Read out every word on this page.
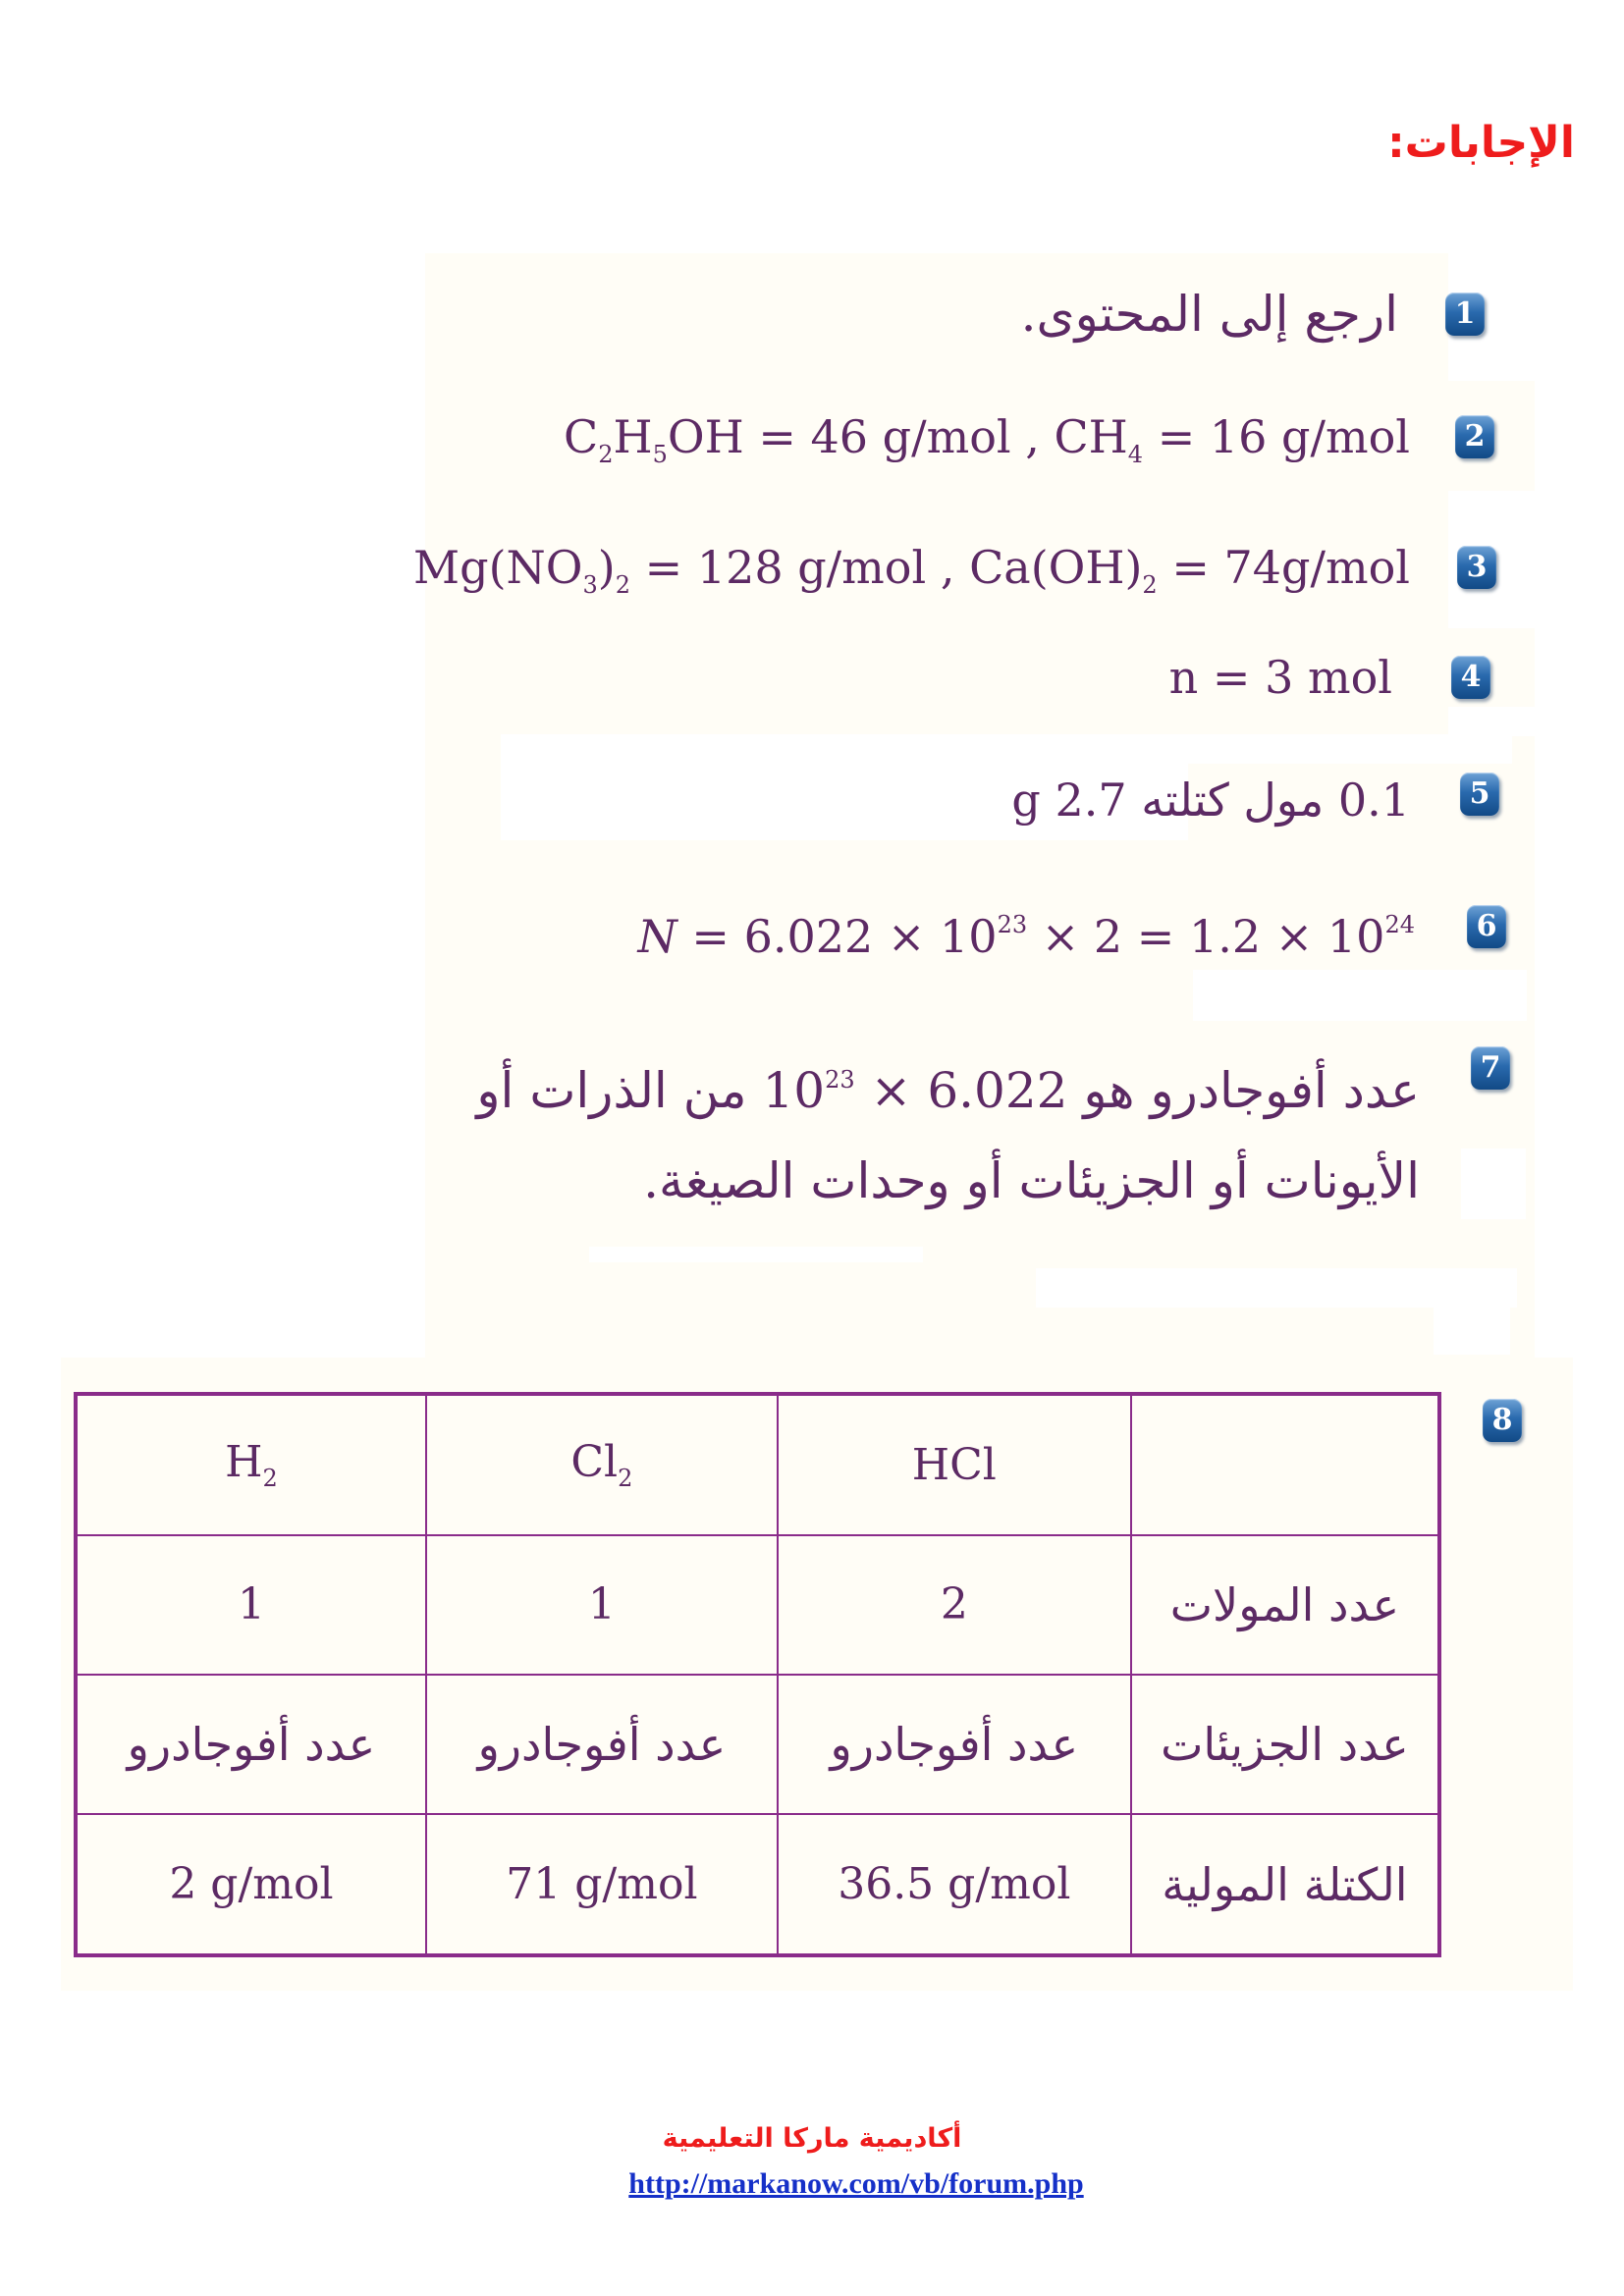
الإجابات:
1
ارجع إلى المحتوى.
2
$C_2H_5OH = 46$ g/mol , $CH_4 = 16$ g/mol
3
$Mg(NO_3)_2 = 128$ g/mol , $Ca(OH)_2 = 74g/mol$
4
n = 3 mol
5
0.1 مول كتلته 2.7 g
6
$N = 6.022 \times 10^{23} \times 2 = 1.2 \times 10^{24}$
7
عدد أفوجادرو هو $6.022 \times 10^{23}$ من الذرات أو
الأيونات أو الجزيئات أو وحدات الصيغة.
8
$H_2$	$Cl_2$	HCl	
1	1	2	عدد المولات
عدد أفوجادرو	عدد أفوجادرو	عدد أفوجادرو	عدد الجزيئات
2 g/mol	71 g/mol	36.5 g/mol	الكتلة المولية
أكاديمية ماركا التعليمية
http://markanow.com/vb/forum.php
